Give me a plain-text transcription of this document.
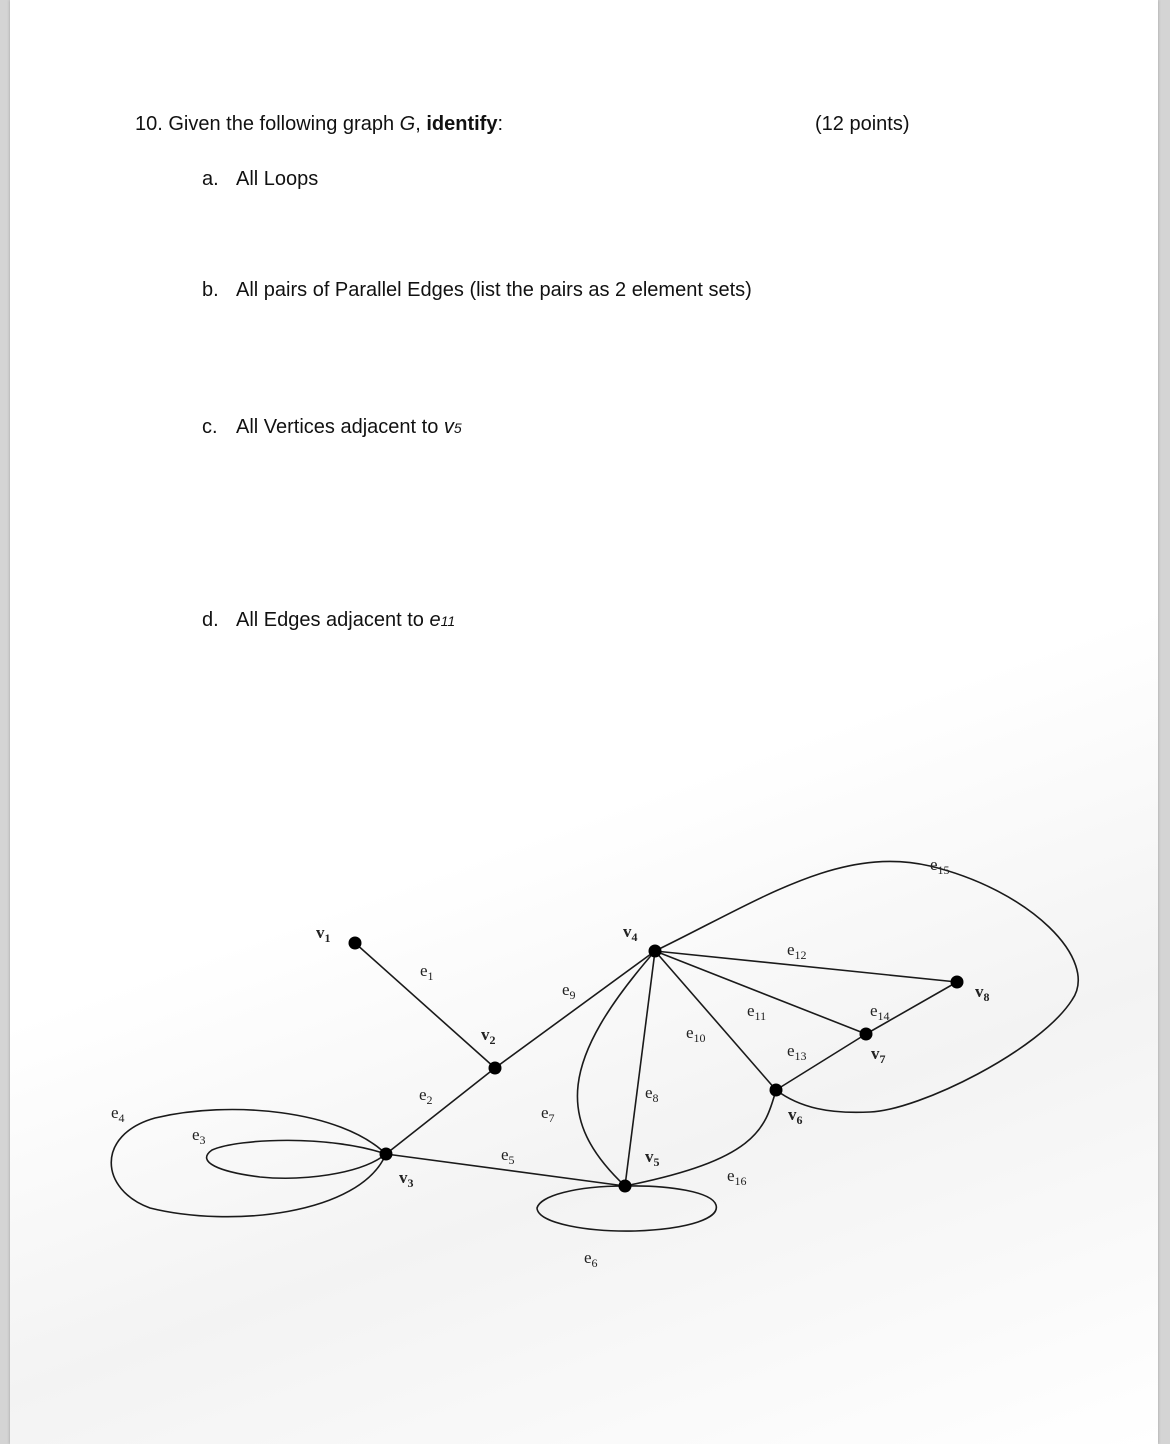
10. Given the following graph G, identify:	(12 points)
a. All Loops
b. All pairs of Parallel Edges (list the pairs as 2 element sets)
c. All Vertices adjacent to v5
d. All Edges adjacent to e11
$v_1$
$v_2$
$v_3$
$v_4$
$v_5$
$v_6$
$v_7$
$v_8$
$e_1$
$e_2$
$e_3$
$e_4$
$e_5$
$e_6$
$e_7$
$e_8$
$e_9$
$e_{10}$
$e_{11}$
$e_{12}$
$e_{13}$
$e_{14}$
$e_{15}$
$e_{16}$
